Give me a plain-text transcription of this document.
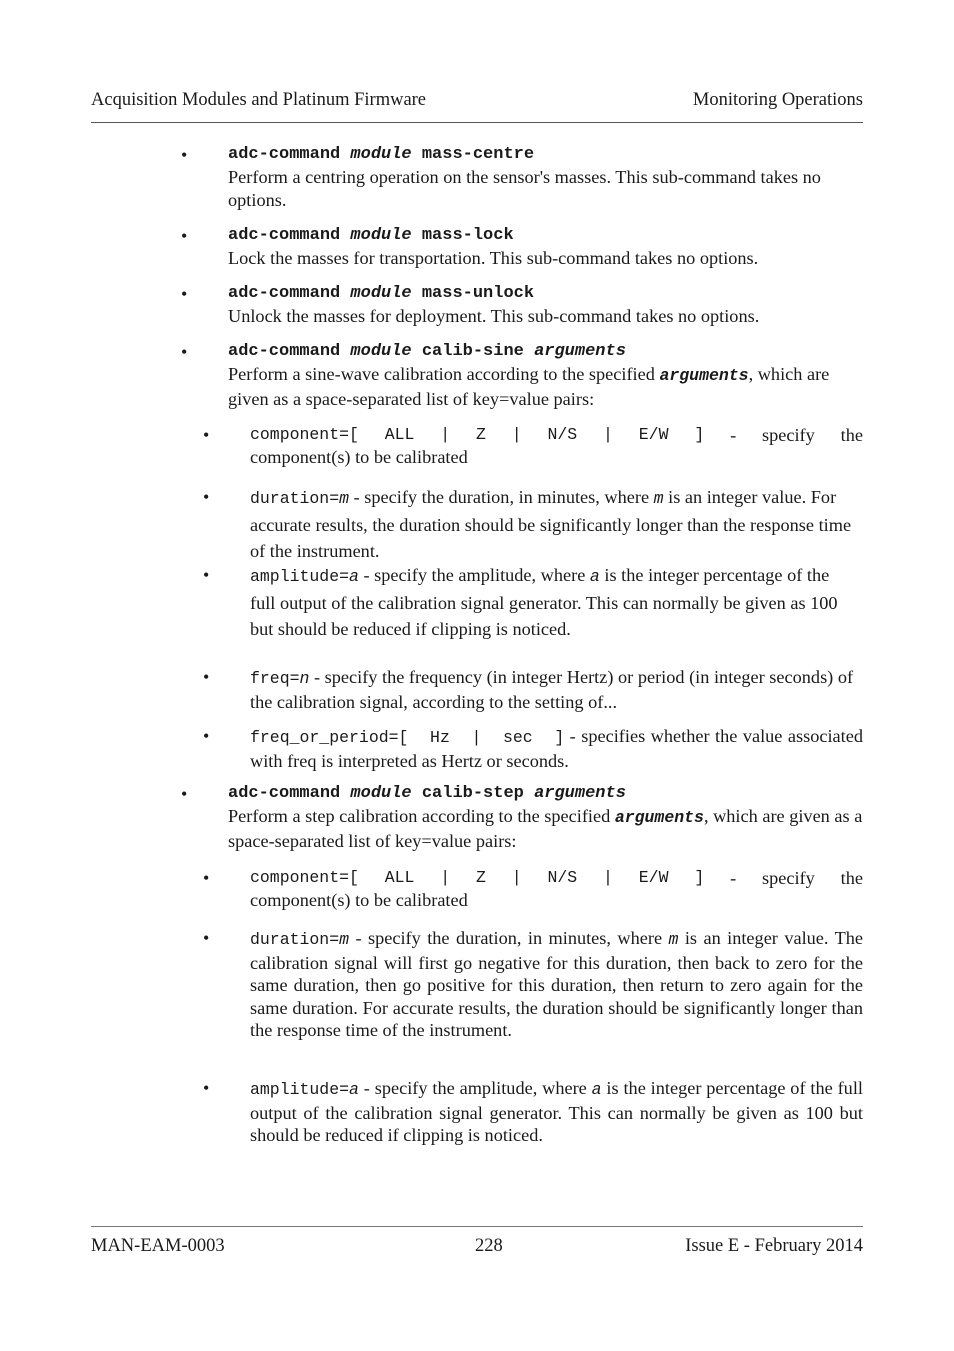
Acquisition Modules and Platinum Firmware	Monitoring Operations
• adc-command module mass-centre
Perform a centring operation on the sensor's masses. This sub-command takes no options.
• adc-command module mass-lock
Lock the masses for transportation. This sub-command takes no options.
• adc-command module mass-unlock
Unlock the masses for deployment. This sub-command takes no options.
• adc-command module calib-sine arguments
Perform a sine-wave calibration according to the specified arguments, which are given as a space-separated list of key=value pairs:
• component=[ ALL | Z | N/S | E/W ] - specify the
component(s) to be calibrated
• duration=m - specify the duration, in minutes, where m is an integer value. For accurate results, the duration should be significantly longer than the response time of the instrument.
• amplitude=a - specify the amplitude, where a is the integer percentage of the full output of the calibration signal generator. This can normally be given as 100 but should be reduced if clipping is noticed.
• freq=n - specify the frequency (in integer Hertz) or period (in integer seconds) of the calibration signal, according to the setting of...
• freq_or_period=[ Hz | sec ] - specifies whether the value associated with freq is interpreted as Hertz or seconds.
• adc-command module calib-step arguments
Perform a step calibration according to the specified arguments, which are given as a space-separated list of key=value pairs:
• component=[ ALL | Z | N/S | E/W ] - specify the
component(s) to be calibrated
• duration=m - specify the duration, in minutes, where m is an integer value. The calibration signal will first go negative for this duration, then back to zero for the same duration, then go positive for this duration, then return to zero again for the same duration. For accurate results, the duration should be significantly longer than the response time of the instrument.
• amplitude=a - specify the amplitude, where a is the integer percentage of the full output of the calibration signal generator. This can normally be given as 100 but should be reduced if clipping is noticed.
MAN-EAM-0003	228	Issue E - February 2014
